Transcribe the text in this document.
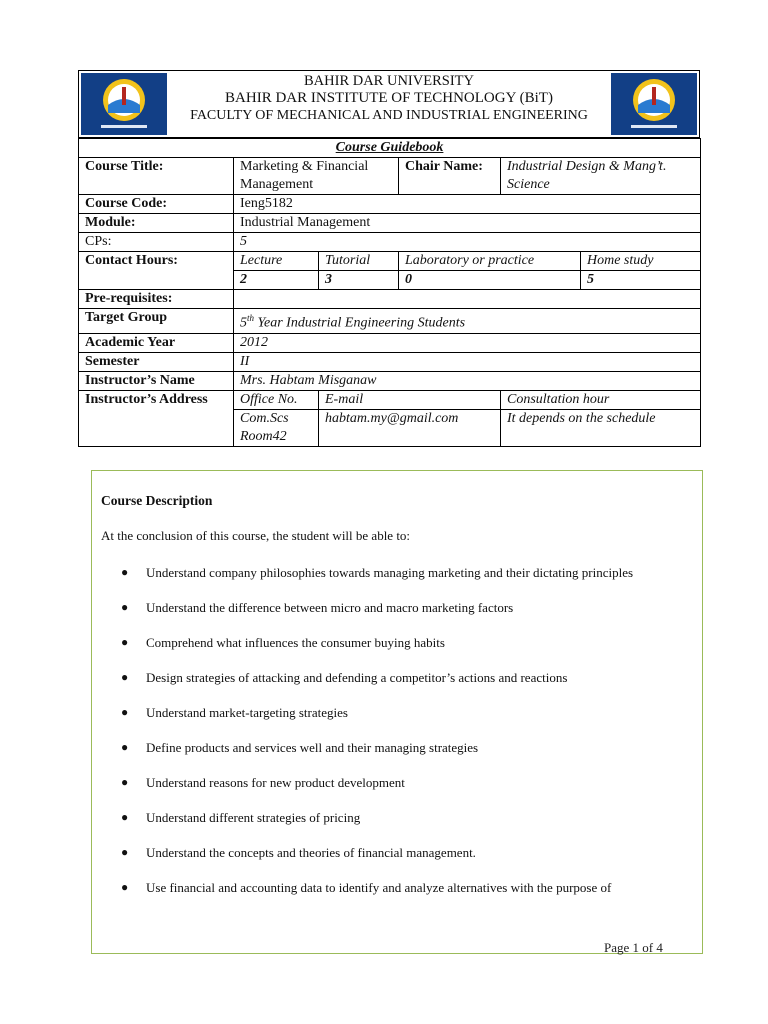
BAHIR DAR UNIVERSITY
BAHIR DAR INSTITUTE OF TECHNOLOGY (BiT)
FACULTY OF MECHANICAL AND INDUSTRIAL ENGINEERING
Course Guidebook					
Course Title:	Marketing & Financial Management		Chair Name:	Industrial Design & Mang’t. Science	
Course Code:	Ieng5182				
Module:	Industrial Management				
CPs:	5				
Contact Hours:	Lecture	Tutorial	Laboratory or practice		Home study
	2	3	0		5
Pre-requisites:					
Target Group	5th Year Industrial Engineering Students				
Academic Year	2012				
Semester	II				
Instructor’s Name	Mrs. Habtam Misganaw				
Instructor’s Address	Office No.	E-mail		Consultation hour	
	Com.Scs Room42	habtam.my@gmail.com		It depends on the schedule	
Course Description
At the conclusion of this course, the student will be able to:
● Understand company philosophies towards managing marketing and their dictating principles
● Understand the difference between micro and macro marketing factors
● Comprehend what influences the consumer buying habits
● Design strategies of attacking and defending a competitor’s actions and reactions
● Understand market-targeting strategies
● Define products and services well and their managing strategies
● Understand reasons for new product development
● Understand different strategies of pricing
● Understand the concepts and theories of financial management.
● Use financial and accounting data to identify and analyze alternatives with the purpose of
Page 1 of 4
